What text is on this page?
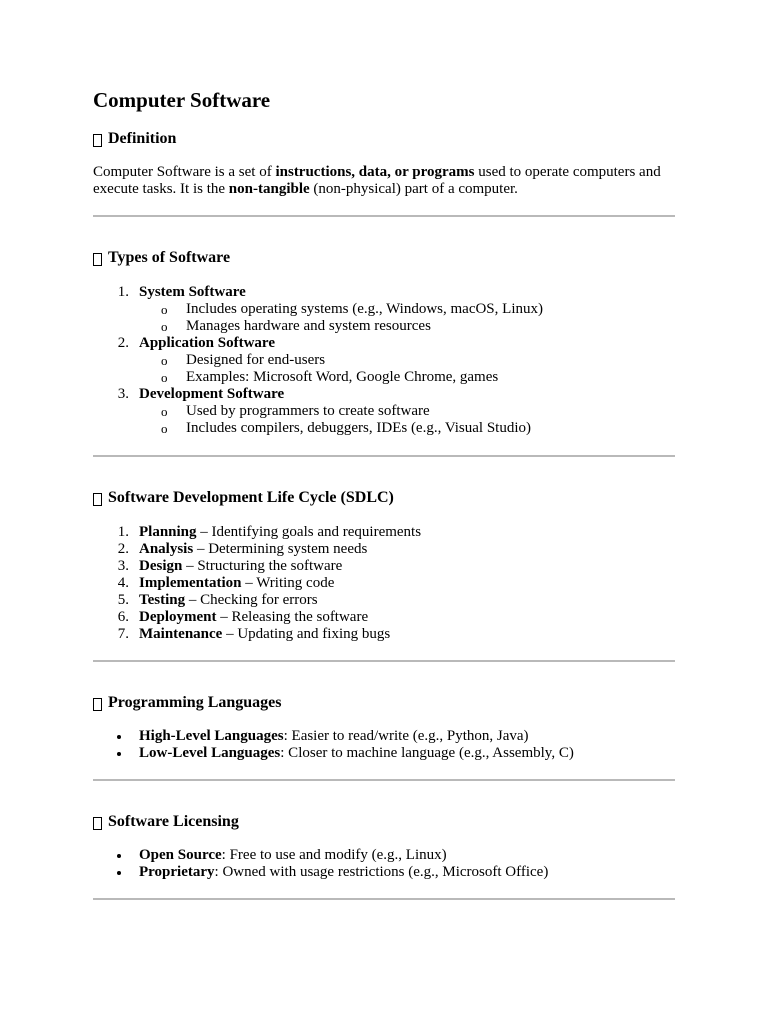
Computer Software
Definition

Computer Software is a set of instructions, data, or programs used to operate computers and execute tasks. It is the non-tangible (non-physical) part of a computer.

Types of Software
1. System Software
o Includes operating systems (e.g., Windows, macOS, Linux)
o Manages hardware and system resources
2. Application Software
o Designed for end-users
o Examples: Microsoft Word, Google Chrome, games
3. Development Software
o Used by programmers to create software
o Includes compilers, debuggers, IDEs (e.g., Visual Studio)
Software Development Life Cycle (SDLC)
1. Planning – Identifying goals and requirements
2. Analysis – Determining system needs
3. Design – Structuring the software
4. Implementation – Writing code
5. Testing – Checking for errors
6. Deployment – Releasing the software
7. Maintenance – Updating and fixing bugs
Programming Languages
High-Level Languages: Easier to read/write (e.g., Python, Java)
Low-Level Languages: Closer to machine language (e.g., Assembly, C)
Software Licensing
Open Source: Free to use and modify (e.g., Linux)
Proprietary: Owned with usage restrictions (e.g., Microsoft Office)
